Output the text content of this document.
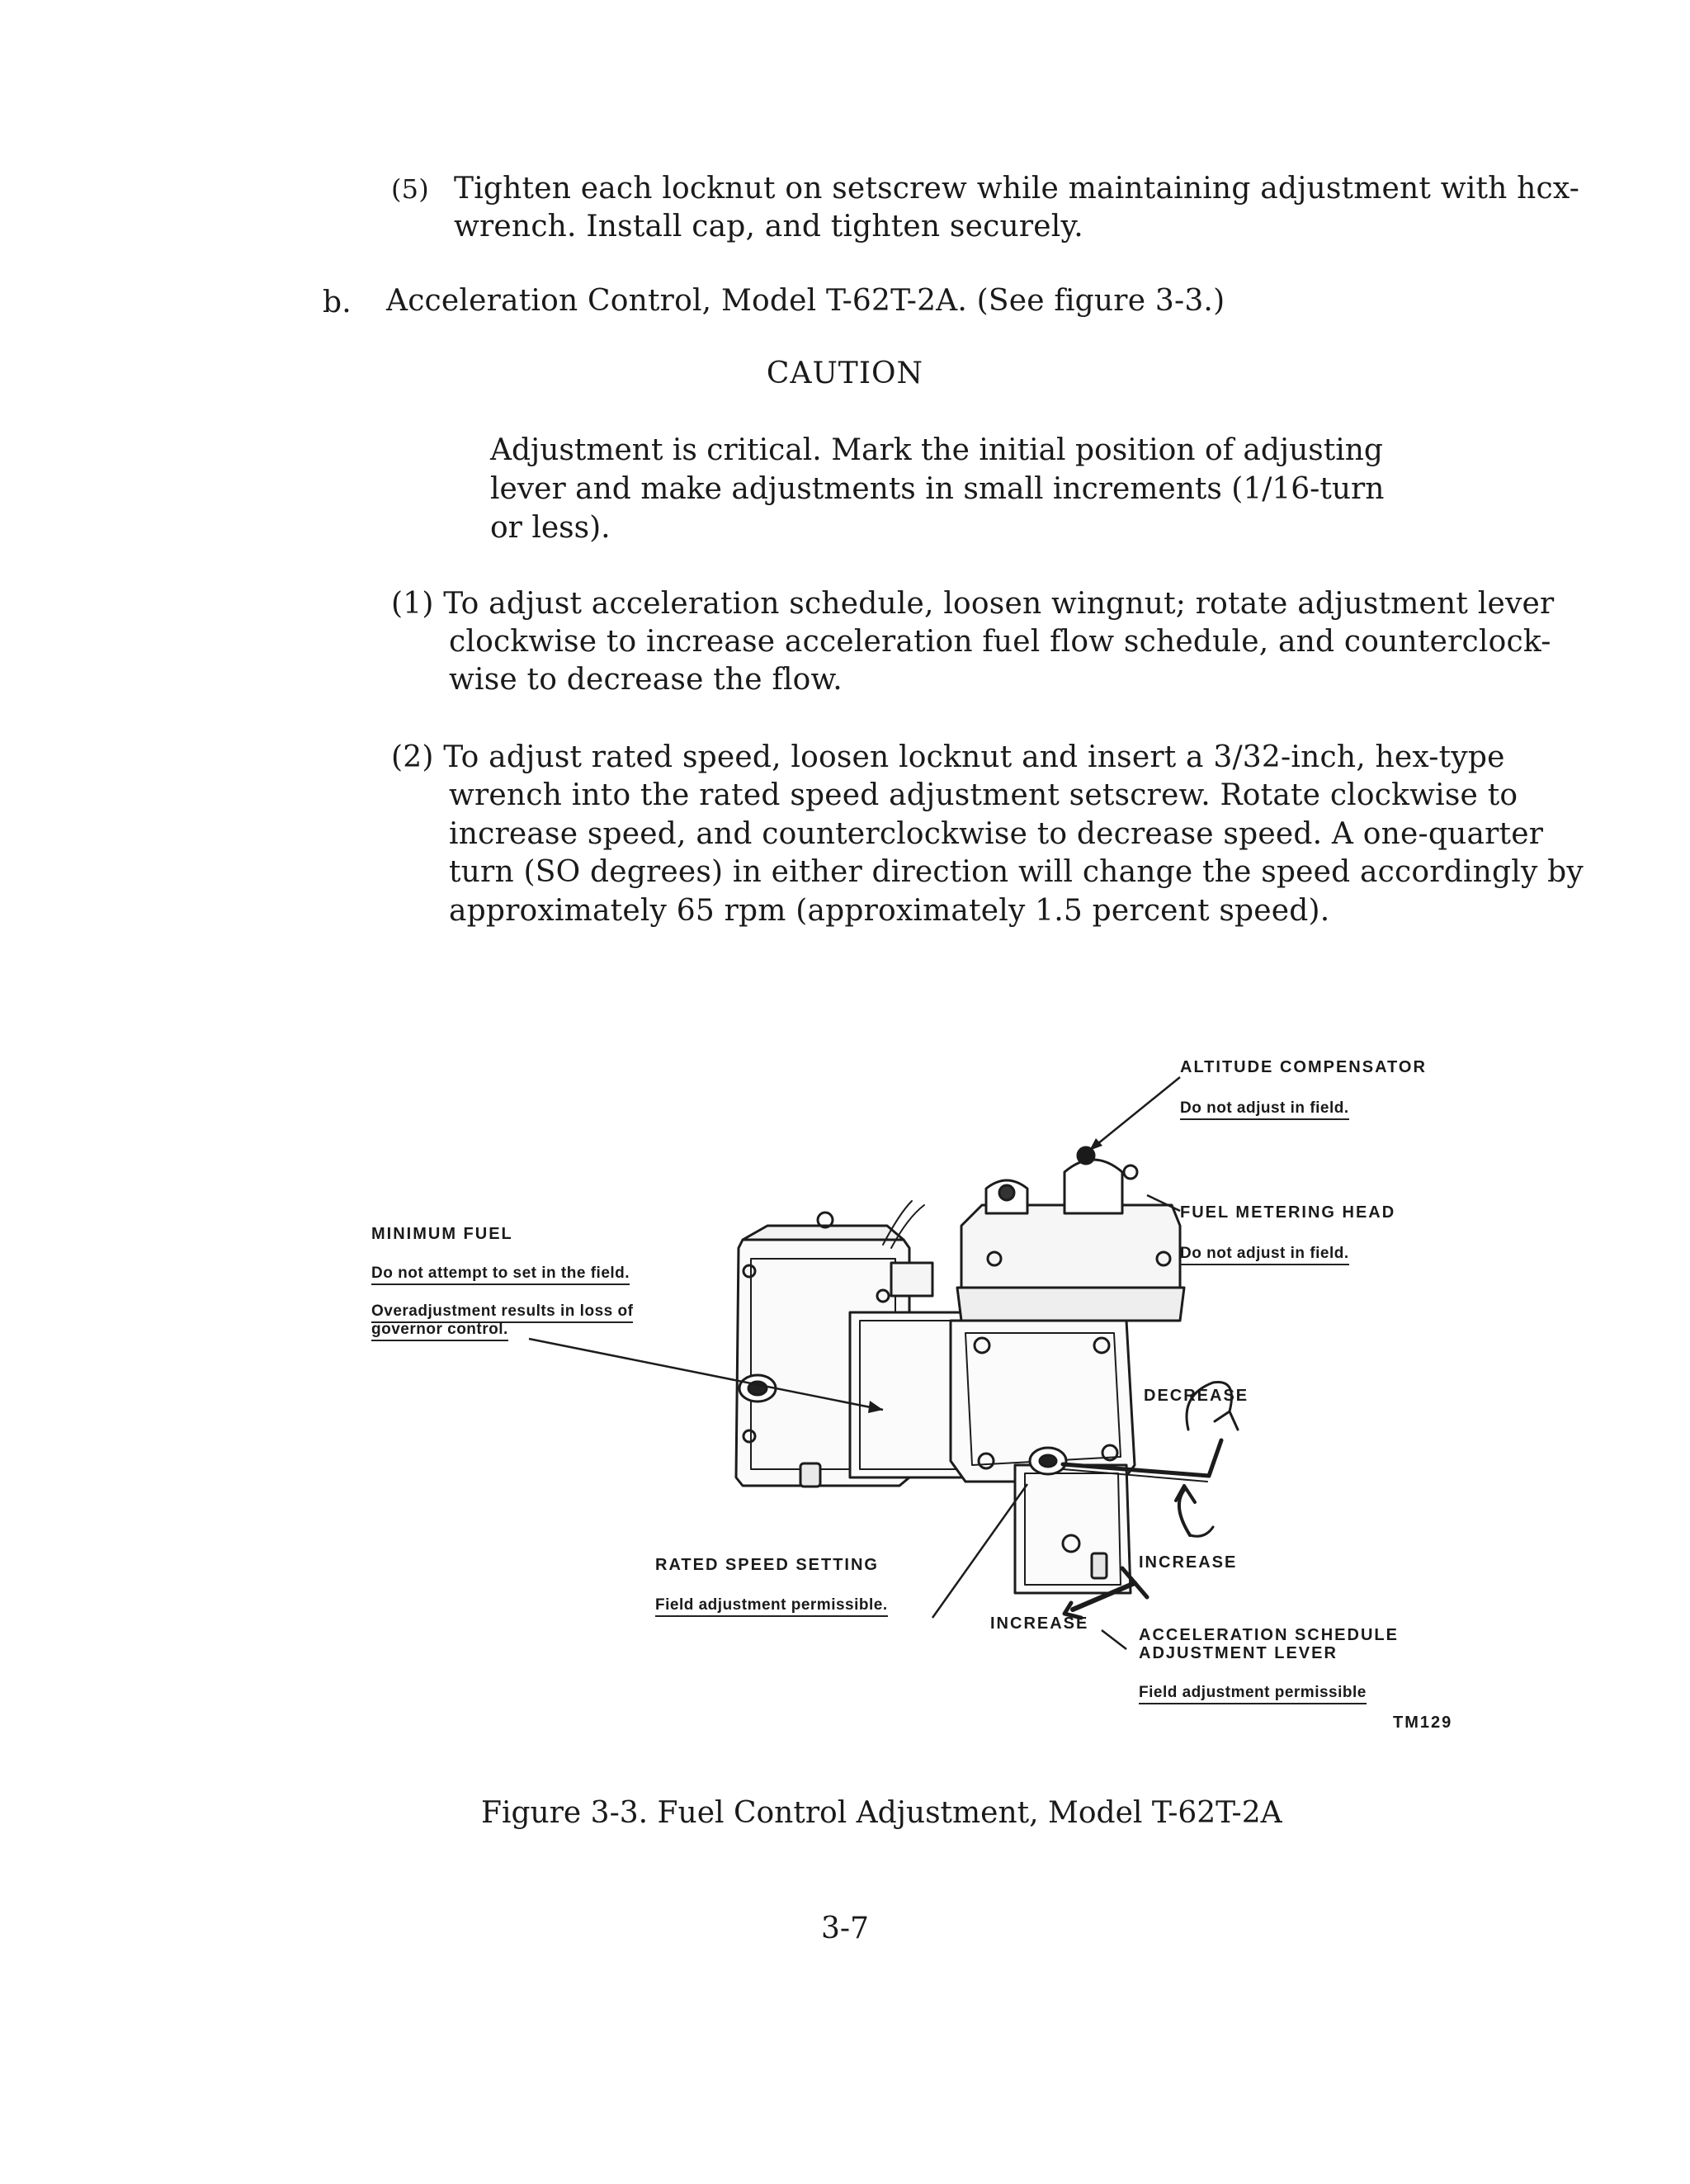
(5) Tighten each locknut on setscrew while maintaining adjustment with hcx-
wrench. Install cap, and tighten securely.
b. Acceleration Control, Model T-62T-2A. (See figure 3-3.)
CAUTION
Adjustment is critical. Mark the initial position of adjusting
lever and make adjustments in small increments (1/16-turn
or less).
(1) To adjust acceleration schedule, loosen wingnut; rotate adjustment lever
clockwise to increase acceleration fuel flow schedule, and counterclock-
wise to decrease the flow.
(2) To adjust rated speed, loosen locknut and insert a 3/32-inch, hex-type
wrench into the rated speed adjustment setscrew. Rotate clockwise to
increase speed, and counterclockwise to decrease speed. A one-quarter
turn (SO degrees) in either direction will change the speed accordingly by
approximately 65 rpm (approximately 1.5 percent speed).
ALTITUDE COMPENSATOR
Do not adjust in field.
FUEL METERING HEAD
Do not adjust in field.
MINIMUM FUEL
Do not attempt to set in the field.
Overadjustment results in loss of
governor control.
DECREASE
INCREASE
RATED SPEED SETTING
Field adjustment permissible.
INCREASE
ACCELERATION SCHEDULE
ADJUSTMENT LEVER
Field adjustment permissible
TM129
Figure 3-3. Fuel Control Adjustment, Model T-62T-2A
3-7
